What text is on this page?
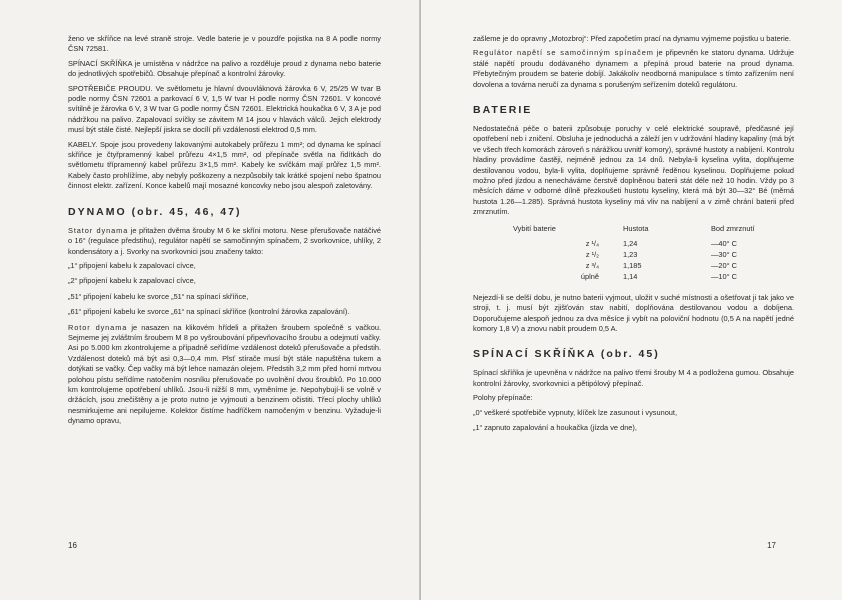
ženo ve skříňce na levé straně stroje. Vedle baterie je v pouzdře pojistka na 8 A podle normy ČSN 72581.

SPÍNACÍ SKŘÍŇKA je umístěna v nádržce na palivo a rozděluje proud z dynama nebo baterie do jednotlivých spotřebičů. Obsahuje přepínač a kontrolní žárovky.

SPOTŘEBIČE PROUDU. Ve světlometu je hlavní dvouvláknová žárovka 6 V, 25/25 W tvar B podle normy ČSN 72601 a parkovací 6 V, 1,5 W tvar H podle normy ČSN 72601. V koncové svítilně je žárovka 6 V, 3 W tvar G podle normy ČSN 72601. Elektrická houkačka 6 V, 3 A je pod nádržkou na palivo. Zapalovací svíčky se závitem M 14 jsou v hlavách válců. Jejich elektrody musí být stále čisté. Nejlepší jiskra se docílí při vzdálenosti elektrod 0,5 mm.

KABELY. Spoje jsou provedeny lakovanými autokabely průřezu 1 mm²; od dynama ke spínací skříňce je čtyřpramenný kabel průřezu 4×1,5 mm², od přepínače světla na řidítkách do světlometu třípramenný kabel průřezu 3×1,5 mm². Kabely ke svíčkám mají průřez 1,5 mm². Kabely často prohlížíme, aby nebyly poškozeny a nezpůsobily tak krátké spojení nebo špatnou činnost elektr. zařízení. Konce kabelů mají mosazné koncovky nebo jsou alespoň zaletovány.

DYNAMO (obr. 45, 46, 47)

Stator dynama je přitažen dvěma šrouby M 6 ke skříni motoru. Nese přerušovače natáčivé o 16° (regulace předstihu), regulátor napětí se samočinným spínačem, 2 svorkovnice, uhlíky, 2 kondensátory a j. Svorky na svorkovnici jsou značeny takto:

„1“ připojení kabelu k zapalovací cívce,

„2“ připojení kabelu k zapalovací cívce,

„51“ připojení kabelu ke svorce „51“ na spínací skříňce,

„61“ připojení kabelu ke svorce „61“ na spínací skříňce (kontrolní žárovka zapalování).

Rotor dynama je nasazen na klikovém hřídeli a přitažen šroubem společně s vačkou. Sejmeme jej zvláštním šroubem M 8 po vyšroubování připevňovacího šroubu a odejmutí vačky. Asi po 5.000 km zkontrolujeme a případně seřídíme vzdálenost doteků přerušovače a předstih. Vzdálenost doteků má být asi 0,3—0,4 mm. Plsť stírače musí být stále napuštěna tukem a dotýkati se vačky. Čep vačky má být lehce namazán olejem. Předstih 3,2 mm před horní mrtvou polohou pístu seřídíme natočením nosníku přerušovače po uvolnění dvou šroubků. Po 10.000 km kontrolujeme opotřebení uhlíků. Jsou-li nižší 8 mm, vyměníme je. Nepohybují-li se volně v držácích, jsou znečištěny a je proto nutno je vyjmouti a benzinem očistiti. Třecí plochy uhlíků nesmirkujeme ani nepilujeme. Kolektor čistíme hadříčkem namočeným v benzinu. Vyžaduje-li dynamo opravu,

16

zašleme je do opravny „Motozbroj“: Před započetím prací na dynamu vyjmeme pojistku u baterie.

Regulátor napětí se samočinným spínačem je připevněn ke statoru dynama. Udržuje stálé napětí proudu dodávaného dynamem a přepíná proud baterie na proud dynama. Přebytečným proudem se baterie dobíjí. Jakákoliv neodborná manipulace s tímto zařízením není dovolena a továrna neručí za dynama s porušeným seřízením doteků regulátoru.

BATERIE

Nedostatečná péče o baterii způsobuje poruchy v celé elektrické soupravě, předčasné její opotřebení neb i zničení. Obsluha je jednoduchá a záleží jen v udržování hladiny kapaliny (má být ve všech třech komorách zároveň s nárážkou uvnitř komory), správné hustoty a nabíjení. Kontrolu hladiny provádíme častěji, nejméně jednou za 14 dnů. Nebyla-li kyselina vylita, doplňujeme destilovanou vodou, byla-li vylita, doplňujeme správně ředěnou kyselinou. Doplňujeme pokud možno před jízdou a nenecháváme čerstvě doplněnou baterii stát déle než 10 hodin. Vždy po 3 měsících dáme v odborné dílně přezkoušeti hustotu kyseliny, která má být 30—32° Bé (měrná hustota 1.26—1.285). Správná hustota kyseliny má vliv na nabíjení a v zimě chrání baterii před zmrznutím.

Vybití baterie	Hustota	Bod zmrznutí
z ¹/₄	1,24	—40° C
z ¹/₂	1,23	—30° C
z ³/₄	1,185	—20° C
úplně	1,14	—10° C

Nejezdí-li se delší dobu, je nutno baterii vyjmout, uložit v suché místnosti a ošetřovat ji tak jako ve stroji, t. j. musí být zjišťován stav nabití, doplňována destilovanou vodou a dobíjena. Doporučujeme alespoň jednou za dva měsíce ji vybít na poloviční hodnotu (0,5 A na napětí jedné komory 1,8 V) a znovu nabít proudem 0,5 A.

SPÍNACÍ SKŘÍŇKA (obr. 45)

Spínací skříňka je upevněna v nádržce na palivo třemi šrouby M 4 a podložena gumou. Obsahuje kontrolní žárovky, svorkovnici a pětipólový přepínač.

Polohy přepínače:

„0“ veškeré spotřebiče vypnuty, klíček lze zasunout i vysunout,

„1“ zapnuto zapalování a houkačka (jízda ve dne),

17
